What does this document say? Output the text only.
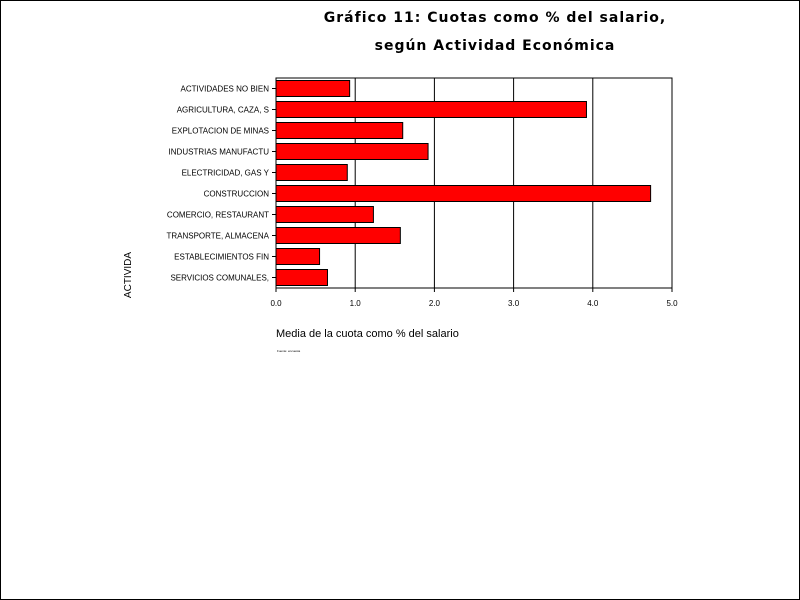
Gráfico 11: Cuotas como % del salario,
según Actividad Económica
ACTIVIDADES NO BIEN
AGRICULTURA, CAZA, S
EXPLOTACION DE MINAS
INDUSTRIAS MANUFACTU
ELECTRICIDAD, GAS Y
CONSTRUCCION
COMERCIO, RESTAURANT
TRANSPORTE, ALMACENA
ESTABLECIMIENTOS FIN
SERVICIOS COMUNALES,
0.0	1.0	2.0	3.0	4.0	5.0
Media de la cuota como % del salario
ACTIVIDA
Fuente: encuesta
